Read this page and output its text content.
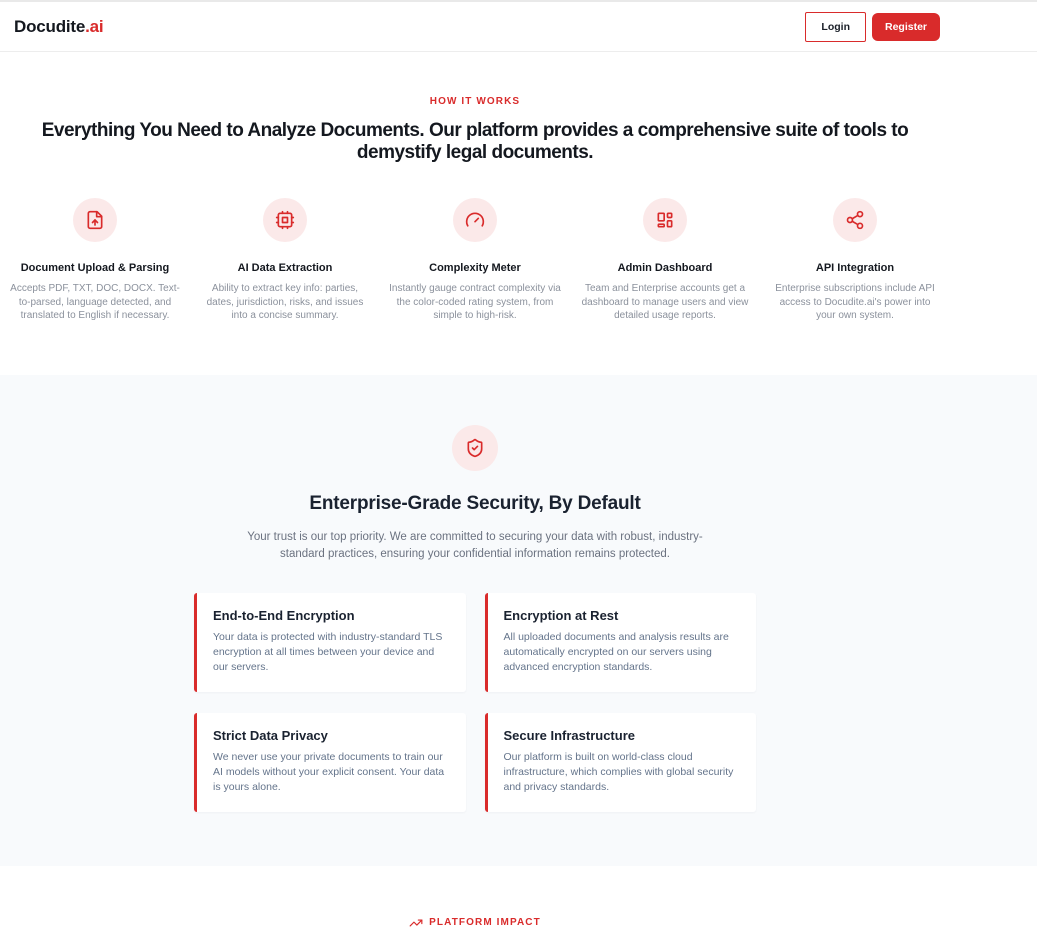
Docudite.ai	Login	Register
HOW IT WORKS
Everything You Need to Analyze Documents. Our platform provides a comprehensive suite of tools to demystify legal documents.
Document Upload & Parsing
Accepts PDF, TXT, DOC, DOCX. Text-to-parsed, language detected, and translated to English if necessary.
AI Data Extraction
Ability to extract key info: parties, dates, jurisdiction, risks, and issues into a concise summary.
Complexity Meter
Instantly gauge contract complexity via the color-coded rating system, from simple to high-risk.
Admin Dashboard
Team and Enterprise accounts get a dashboard to manage users and view detailed usage reports.
API Integration
Enterprise subscriptions include API access to Docudite.ai's power into your own system.
Enterprise-Grade Security, By Default

Your trust is our top priority. We are committed to securing your data with robust, industry-standard practices, ensuring your confidential information remains protected.

End-to-End Encryption
Your data is protected with industry-standard TLS encryption at all times between your device and our servers.
Encryption at Rest
All uploaded documents and analysis results are automatically encrypted on our servers using advanced encryption standards.
Strict Data Privacy
We never use your private documents to train our AI models without your explicit consent. Your data is yours alone.
Secure Infrastructure
Our platform is built on world-class cloud infrastructure, which complies with global security and privacy standards.
PLATFORM IMPACT
